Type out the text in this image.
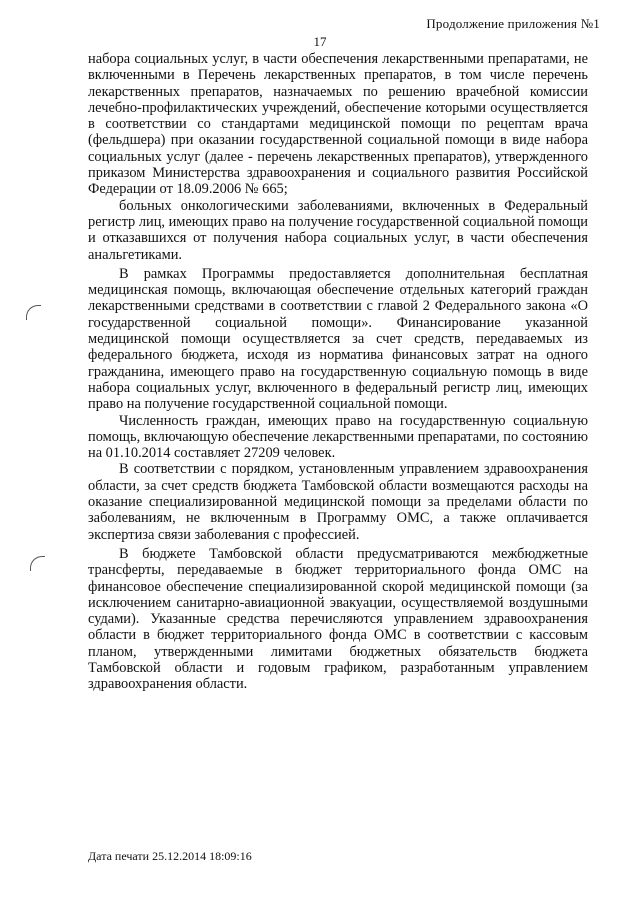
Продолжение приложения №1
17

набора социальных услуг, в части обеспечения лекарственными препаратами, не включенными в Перечень лекарственных препаратов, в том числе перечень лекарственных препаратов, назначаемых по решению врачебной комиссии лечебно-профилактических учреждений, обеспечение которыми осуществляется в соответствии со стандартами медицинской помощи по рецептам врача (фельдшера) при оказании государственной социальной помощи в виде набора социальных услуг (далее - перечень лекарственных препаратов), утвержденного приказом Министерства здравоохранения и социального развития Российской Федерации от 18.09.2006 № 665;

больных онкологическими заболеваниями, включенных в Федеральный регистр лиц, имеющих право на получение государственной социальной помощи и отказавшихся от получения набора социальных услуг, в части обеспечения анальгетиками.

В рамках Программы предоставляется дополнительная бесплатная медицинская помощь, включающая обеспечение отдельных категорий граждан лекарственными средствами в соответствии с главой 2 Федерального закона «О государственной социальной помощи». Финансирование указанной медицинской помощи осуществляется за счет средств, передаваемых из федерального бюджета, исходя из норматива финансовых затрат на одного гражданина, имеющего право на государственную социальную помощь в виде набора социальных услуг, включенного в федеральный регистр лиц, имеющих право на получение государственной социальной помощи.

Численность граждан, имеющих право на государственную социальную помощь, включающую обеспечение лекарственными препаратами, по состоянию на 01.10.2014 составляет 27209 человек.

В соответствии с порядком, установленным управлением здравоохранения области, за счет средств бюджета Тамбовской области возмещаются расходы на оказание специализированной медицинской помощи за пределами области по заболеваниям, не включенным в Программу ОМС, а также оплачивается экспертиза связи заболевания с профессией.

В бюджете Тамбовской области предусматриваются межбюджетные трансферты, передаваемые в бюджет территориального фонда ОМС на финансовое обеспечение специализированной скорой медицинской помощи (за исключением санитарно-авиационной эвакуации, осуществляемой воздушными судами). Указанные средства перечисляются управлением здравоохранения области в бюджет территориального фонда ОМС в соответствии с кассовым планом, утвержденными лимитами бюджетных обязательств бюджета Тамбовской области и годовым графиком, разработанным управлением здравоохранения области.

Дата печати 25.12.2014 18:09:16
